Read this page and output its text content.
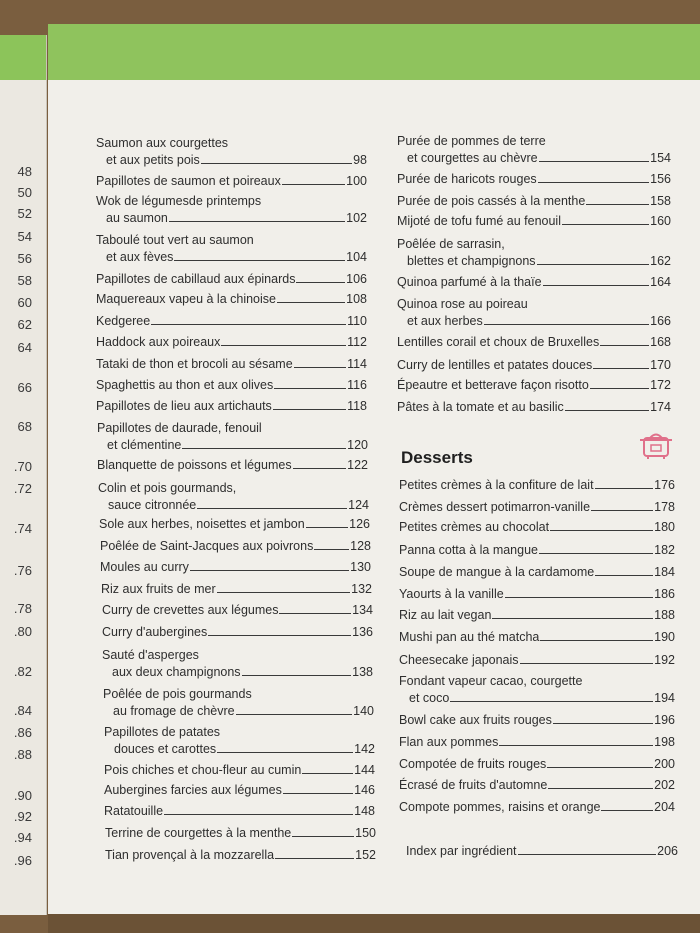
48
50
52
54
56
58
60
62
64
66
68
.70
.72
.74
.76
.78
.80
.82
.84
.86
.88
.90
.92
.94
.96
Saumon aux courgettes
et aux petits pois	98
Papillotes de saumon et poireaux	100
Wok de légumesde printemps
au saumon	102
Taboulé tout vert au saumon
et aux fèves	104
Papillotes de cabillaud aux épinards	106
Maquereaux vapeu à la chinoise	108
Kedgeree	110
Haddock aux poireaux	112
Tataki de thon et brocoli au sésame	114
Spaghettis au thon et aux olives	116
Papillotes de lieu aux artichauts	118
Papillotes de daurade, fenouil
et clémentine	120
Blanquette de poissons et légumes	122
Colin et pois gourmands,
sauce citronnée	124
Sole aux herbes, noisettes et jambon	126
Poêlée de Saint-Jacques aux poivrons	128
Moules au curry	130
Riz aux fruits de mer	132
Curry de crevettes aux légumes	134
Curry d'aubergines	136
Sauté d'asperges
aux deux champignons	138
Poêlée de pois gourmands
au fromage de chèvre	140
Papillotes de patates
douces et carottes	142
Pois chiches et chou-fleur au cumin	144
Aubergines farcies aux légumes	146
Ratatouille	148
Terrine de courgettes à la menthe	150
Tian provençal à la mozzarella	152
Purée de pommes de terre
et courgettes au chèvre	154
Purée de haricots rouges	156
Purée de pois cassés à la menthe	158
Mijoté de tofu fumé au fenouil	160
Poêlée de sarrasin,
blettes et champignons	162
Quinoa parfumé à la thaïe	164
Quinoa rose au poireau
et aux herbes	166
Lentilles corail et choux de Bruxelles	168
Curry de lentilles et patates douces	170
Épeautre et betterave façon risotto	172
Pâtes à la tomate et au basilic	174
Petites crèmes à la confiture de lait	176
Crèmes dessert potimarron-vanille	178
Petites crèmes au chocolat	180
Panna cotta à la mangue	182
Soupe de mangue à la cardamome	184
Yaourts à la vanille	186
Riz au lait vegan	188
Mushi pan au thé matcha	190
Cheesecake japonais	192
Fondant vapeur cacao, courgette
et coco	194
Bowl cake aux fruits rouges	196
Flan aux pommes	198
Compotée de fruits rouges	200
Écrasé de fruits d'automne	202
Compote pommes, raisins et orange	204
Index par ingrédient	206
Desserts
